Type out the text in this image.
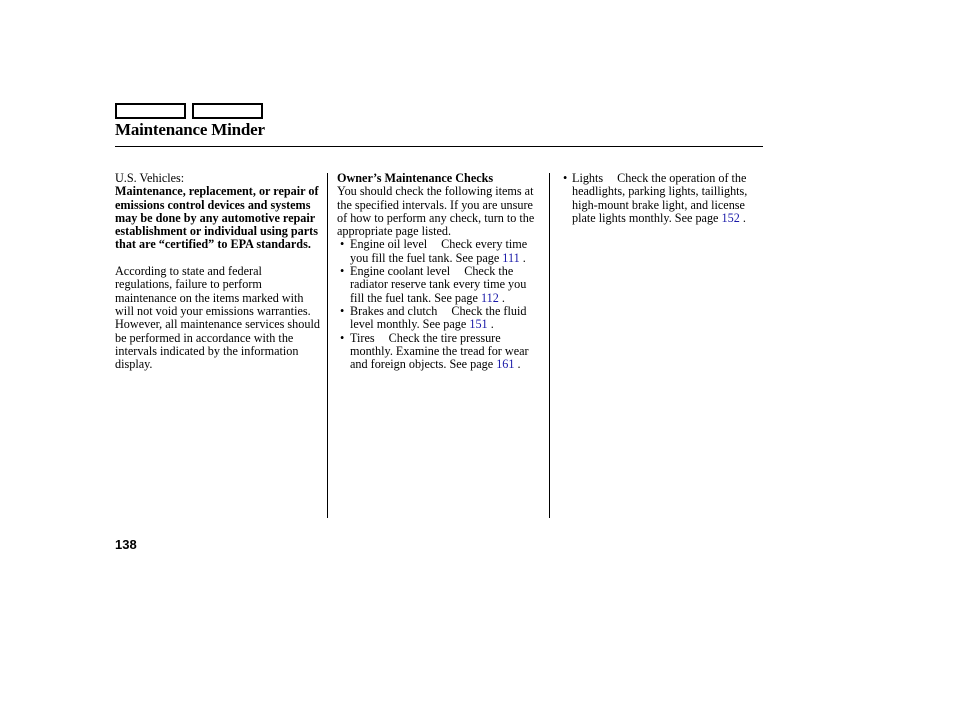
Maintenance Minder

U.S. Vehicles:

Maintenance, replacement, or repair of emissions control devices and systems may be done by any automotive repair establishment or individual using parts that are “certified” to EPA standards.

According to state and federal regulations, failure to perform maintenance on the items marked withwill not void your emissions warranties. However, all maintenance services should be performed in accordance with the intervals indicated by the information display.

Owner’s Maintenance Checks

You should check the following items at the specified intervals. If you are unsure of how to perform any check, turn to the appropriate page listed.

• Engine oil level Check every time you fill the fuel tank. See page 111 .
• Engine coolant level Check the radiator reserve tank every time you fill the fuel tank. See page 112 .
• Brakes and clutch Check the fluid level monthly. See page 151 .
• Tires Check the tire pressure monthly. Examine the tread for wear and foreign objects. See page 161 .
• Lights Check the operation of the headlights, parking lights, taillights, high-mount brake light, and license plate lights monthly. See page 152 .
138
